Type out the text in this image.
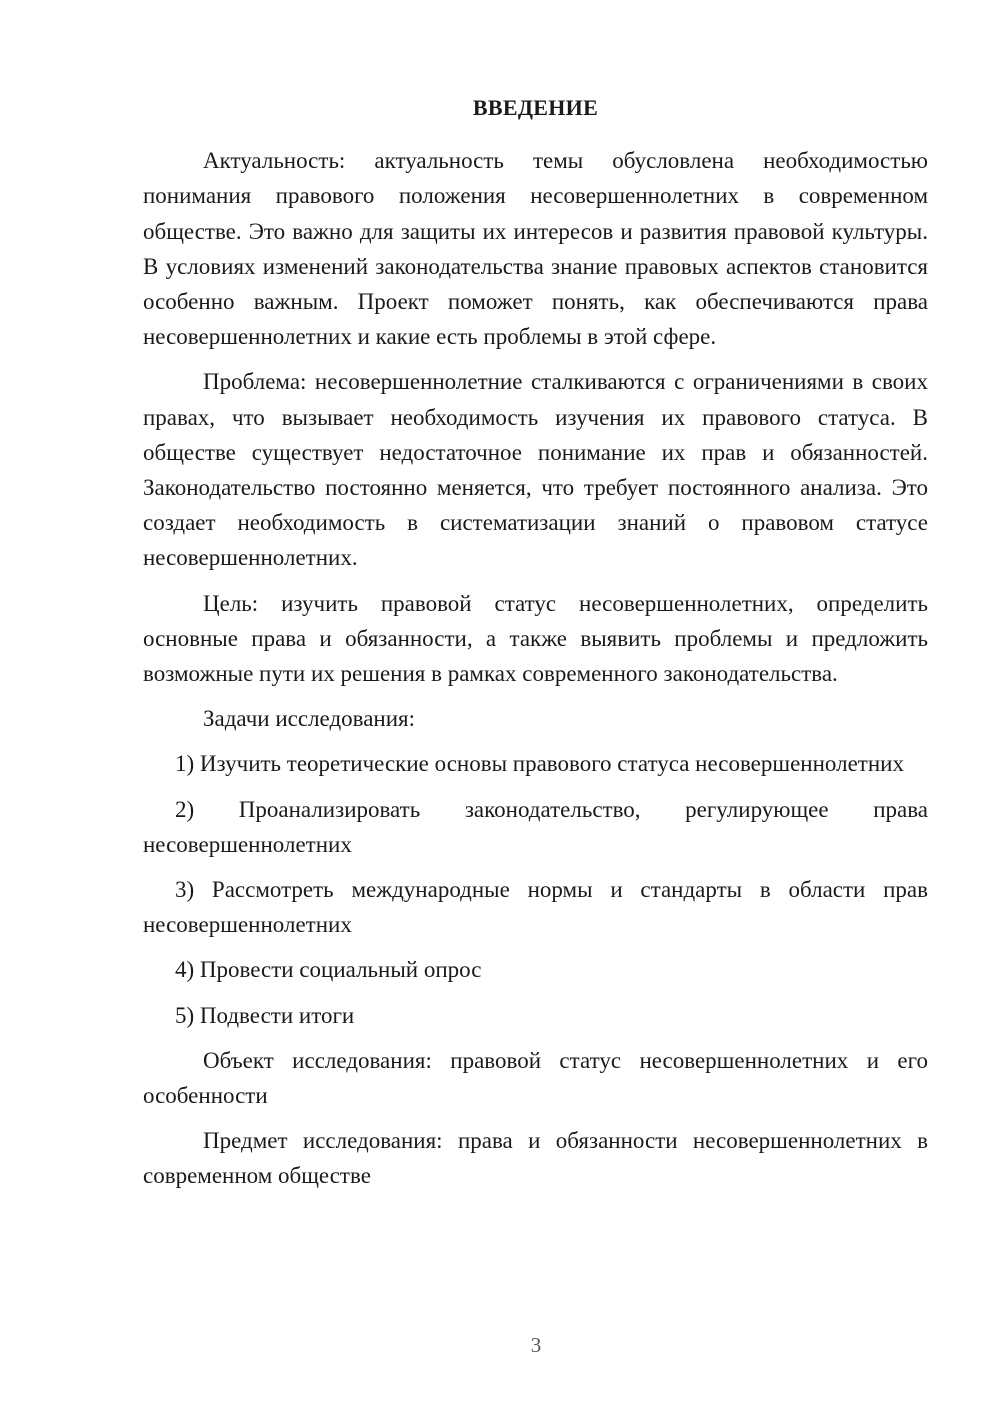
ВВЕДЕНИЕ

Актуальность: актуальность темы обусловлена необходимостью понимания правового положения несовершеннолетних в современном обществе. Это важно для защиты их интересов и развития правовой культуры. В условиях изменений законодательства знание правовых аспектов становится особенно важным. Проект поможет понять, как обеспечиваются права несовершеннолетних и какие есть проблемы в этой сфере.

Проблема: несовершеннолетние сталкиваются с ограничениями в своих правах, что вызывает необходимость изучения их правового статуса. В обществе существует недостаточное понимание их прав и обязанностей. Законодательство постоянно меняется, что требует постоянного анализа. Это создает необходимость в систематизации знаний о правовом статусе несовершеннолетних.

Цель: изучить правовой статус несовершеннолетних, определить основные права и обязанности, а также выявить проблемы и предложить возможные пути их решения в рамках современного законодательства.

Задачи исследования:

1) Изучить теоретические основы правового статуса несовершеннолетних

2) Проанализировать законодательство, регулирующее права несовершеннолетних

3) Рассмотреть международные нормы и стандарты в области прав несовершеннолетних

4) Провести социальный опрос

5) Подвести итоги

Объект исследования: правовой статус несовершеннолетних и его особенности

Предмет исследования: права и обязанности несовершеннолетних в современном обществе

3
